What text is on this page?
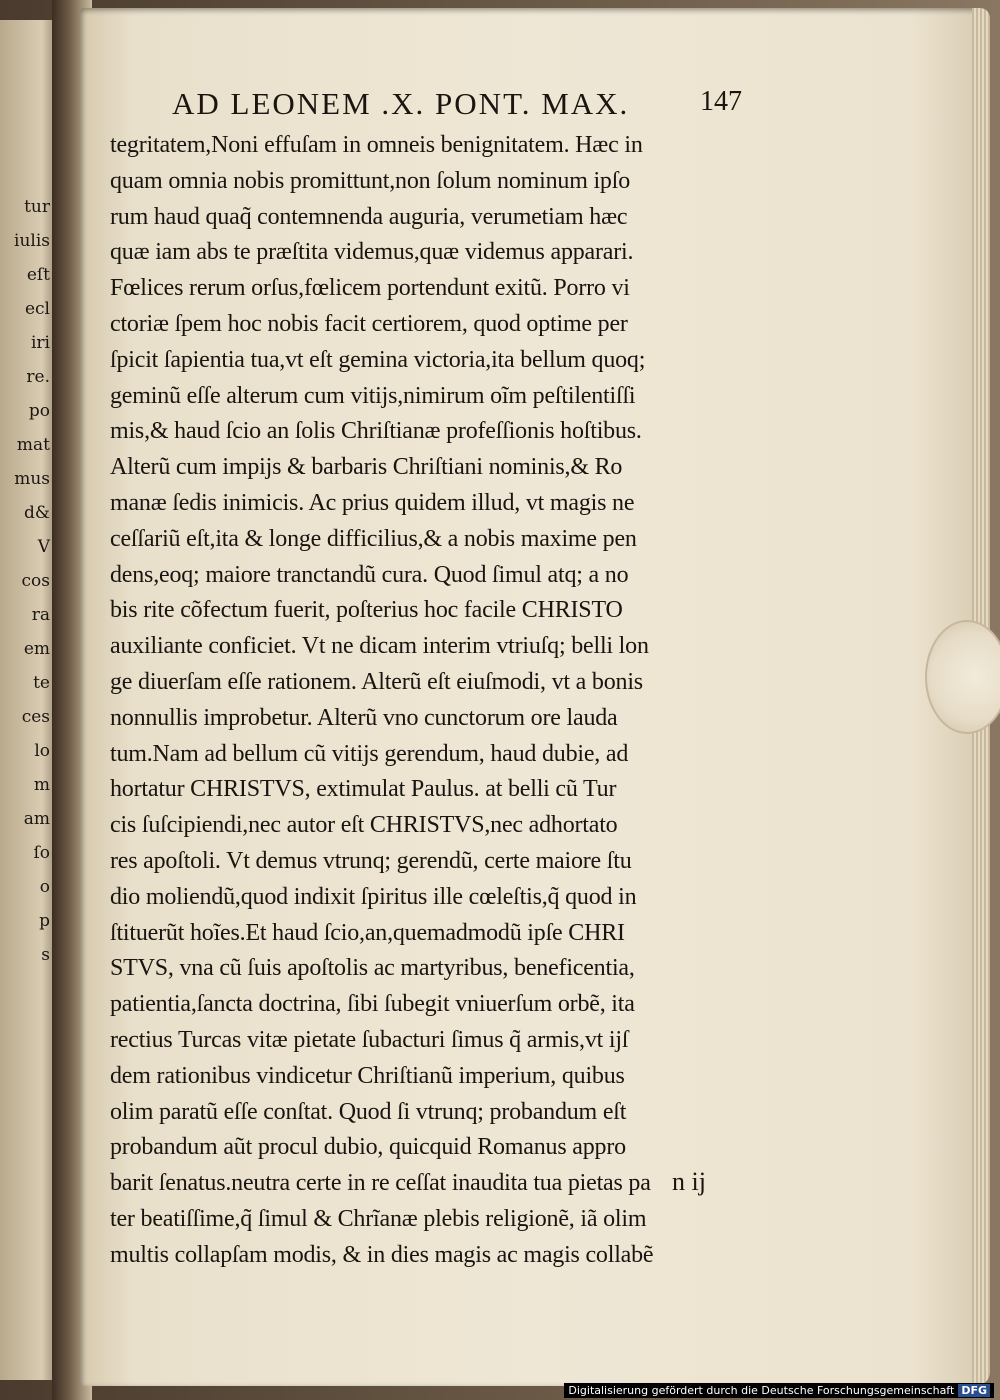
tur
iulis
eſt
ecl
iri
re.
po
mat
mus
d&
V
cos
ra
em
te
ces
lo
m
am
ſo
o
p
s
AD LEONEM .X. PONT. MAX.	147
tegritatem,Noni effuſam in omneis benignitatem. Hæc in
quam omnia nobis promittunt,non ſolum nominum ipſo
rum haud quaq̃ contemnenda auguria, verumetiam hæc
quæ iam abs te præſtita videmus,quæ videmus apparari.
Fœlices rerum orſus,fœlicem portendunt exitũ. Porro vi
ctoriæ ſpem hoc nobis facit certiorem, quod optime per
ſpicit ſapientia tua,vt eſt gemina victoria,ita bellum quoq;
geminũ eſſe alterum cum vitijs,nimirum oĩm peſtilentiſſi
mis,& haud ſcio an ſolis Chriſtianæ profeſſionis hoſtibus.
Alterũ cum impijs & barbaris Chriſtiani nominis,& Ro
manæ ſedis inimicis. Ac prius quidem illud, vt magis ne
ceſſariũ eſt,ita & longe difficilius,& a nobis maxime pen
dens,eoq; maiore tranctandũ cura. Quod ſimul atq; a no
bis rite cõfectum fuerit, poſterius hoc facile CHRISTO
auxiliante conficiet. Vt ne dicam interim vtriuſq; belli lon
ge diuerſam eſſe rationem. Alterũ eſt eiuſmodi, vt a bonis
nonnullis improbetur. Alterũ vno cunctorum ore lauda
tum.Nam ad bellum cũ vitijs gerendum, haud dubie, ad
hortatur CHRISTVS, extimulat Paulus. at belli cũ Tur
cis ſuſcipiendi,nec autor eſt CHRISTVS,nec adhortato
res apoſtoli. Vt demus vtrunq; gerendũ, certe maiore ſtu
dio moliendũ,quod indixit ſpiritus ille cœleſtis,q̃ quod in
ſtituerũt hoĩes.Et haud ſcio,an,quemadmodũ ipſe CHRI
STVS, vna cũ ſuis apoſtolis ac martyribus, beneficentia,
patientia,ſancta doctrina, ſibi ſubegit vniuerſum orbẽ, ita
rectius Turcas vitæ pietate ſubacturi ſimus q̃ armis,vt ijſ
dem rationibus vindicetur Chriſtianũ imperium, quibus
olim paratũ eſſe conſtat. Quod ſi vtrunq; probandum eſt
probandum aũt procul dubio, quicquid Romanus appro
barit ſenatus.neutra certe in re ceſſat inaudita tua pietas pa
ter beatiſſime,q̃ ſimul & Chrĩanæ plebis religionẽ, iã olim
multis collapſam modis, & in dies magis ac magis collabẽ
n ij
Digitalisierung gefördert durch die Deutsche Forschungsgemeinschaft DFG
